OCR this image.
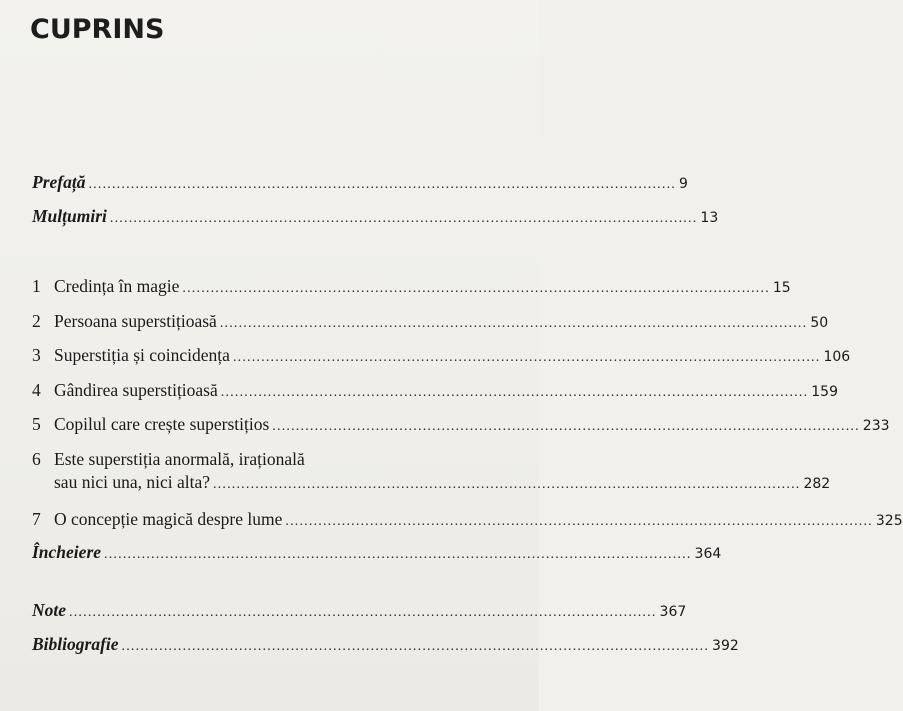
CUPRINS
Prefață ............................................................................................................................. 9
Mulțumiri ............................................................................................................................. 13
1 Credința în magie ............................................................................................................................. 15
2 Persoana superstițioasă ............................................................................................................................. 50
3 Superstiția și coincidența ............................................................................................................................. 106
4 Gândirea superstițioasă ............................................................................................................................. 159
5 Copilul care crește superstițios ............................................................................................................................. 233
6 Este superstiția anormală, irațională
sau nici una, nici alta? ............................................................................................................................. 282
7 O concepție magică despre lume ............................................................................................................................. 325
Încheiere ............................................................................................................................. 364
Note ............................................................................................................................. 367
Bibliografie ............................................................................................................................. 392
